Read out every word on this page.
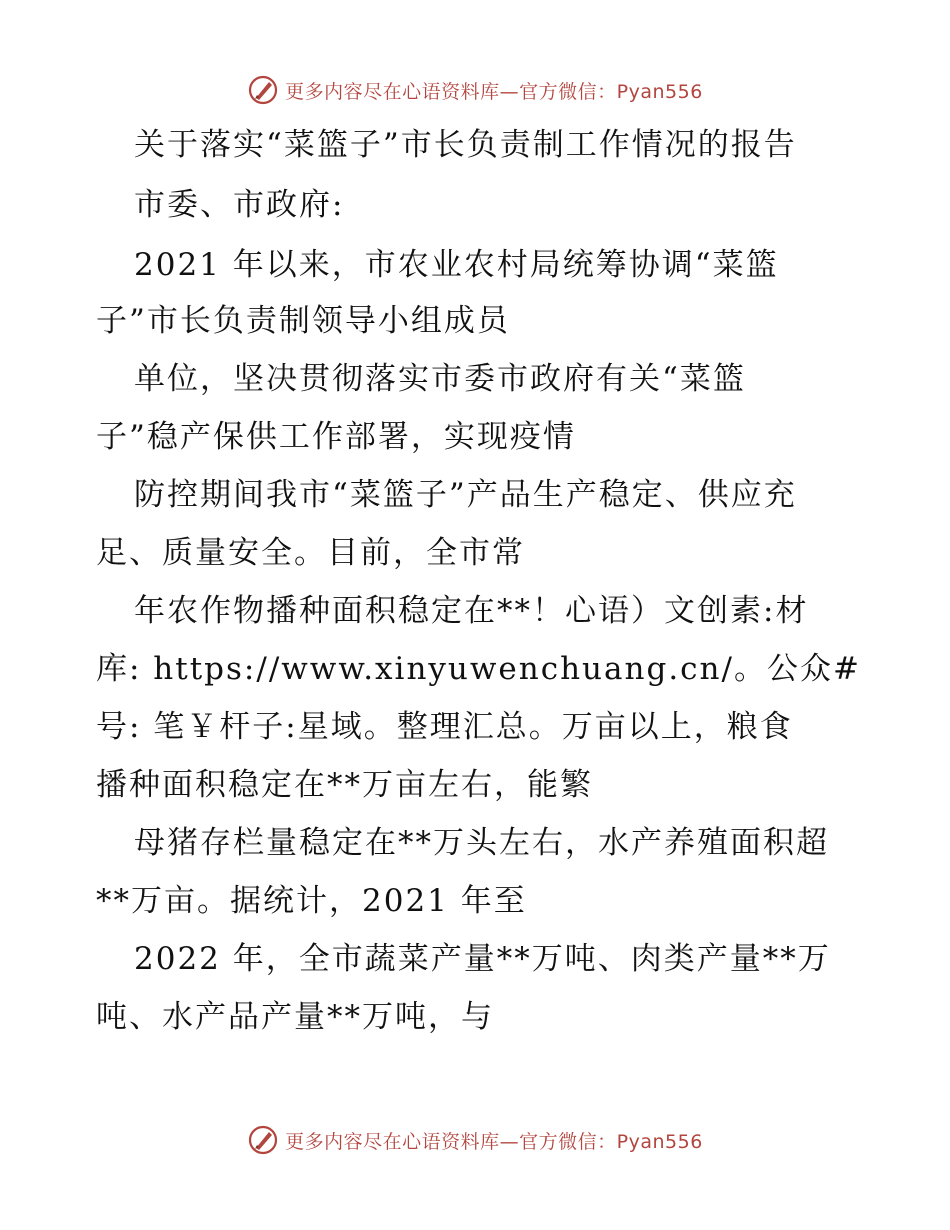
更多内容尽在心语资料库—官方微信：Pyan556
关于落实“菜篮子”市长负责制工作情况的报告
市委、市政府:
2021 年以来，市农业农村局统筹协调“菜篮
子”市长负责制领导小组成员
单位，坚决贯彻落实市委市政府有关“菜篮
子”稳产保供工作部署，实现疫情
防控期间我市“菜篮子”产品生产稳定、供应充
足、质量安全。目前，全市常
年农作物播种面积稳定在**！心语）文创素:材
库: https://www.xinyuwenchuang.cn/。公众#
号: 笔￥杆子:星域。整理汇总。万亩以上，粮食
播种面积稳定在**万亩左右，能繁
母猪存栏量稳定在**万头左右，水产养殖面积超
**万亩。据统计，2021 年至
2022 年，全市蔬菜产量**万吨、肉类产量**万
吨、水产品产量**万吨，与
更多内容尽在心语资料库—官方微信：Pyan556
